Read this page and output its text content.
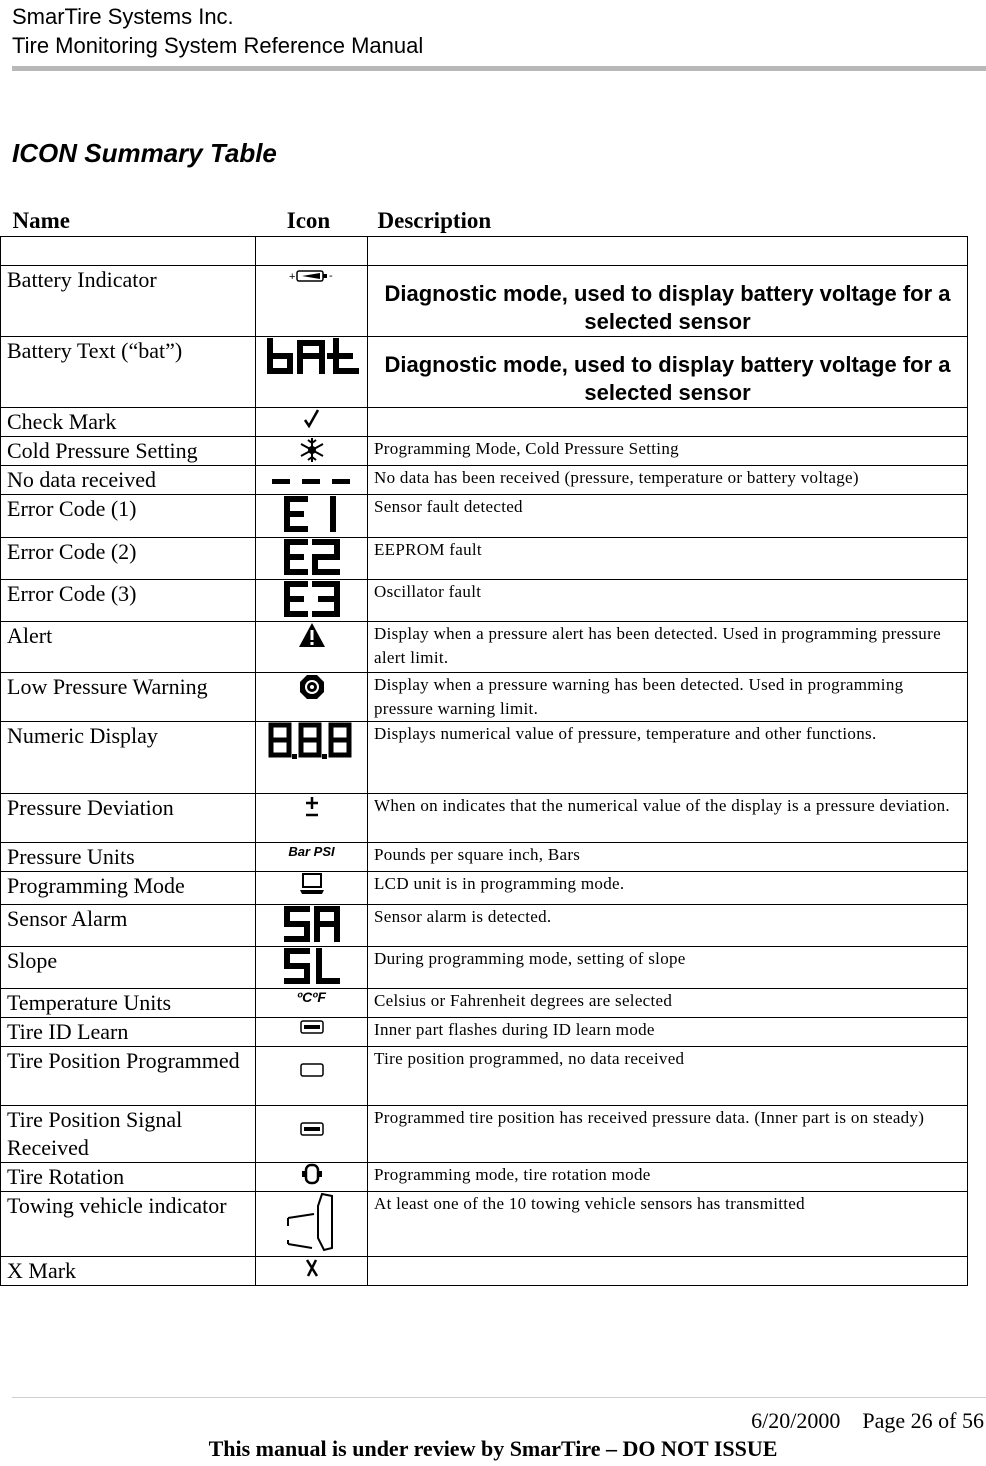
SmarTire Systems Inc.
Tire Monitoring System Reference Manual
ICON Summary Table
Name	Icon	Description

Battery Indicator	+ -	Diagnostic mode, used to display battery voltage for a selected sensor
Battery Text (“bat”)		Diagnostic mode, used to display battery voltage for a selected sensor
Check Mark		
Cold Pressure Setting		Programming Mode, Cold Pressure Setting
No data received		No data has been received (pressure, temperature or battery voltage)
Error Code (1)		Sensor fault detected
Error Code (2)		EEPROM fault
Error Code (3)		Oscillator fault
Alert		Display when a pressure alert has been detected. Used in programming pressure alert limit.
Low Pressure Warning		Display when a pressure warning has been detected. Used in programming pressure warning limit.
Numeric Display		Displays numerical value of pressure, temperature and other functions.
Pressure Deviation		When on indicates that the numerical value of the display is a pressure deviation.
Pressure Units	Bar PSI	Pounds per square inch, Bars
Programming Mode		LCD unit is in programming mode.
Sensor Alarm		Sensor alarm is detected.
Slope		During programming mode, setting of slope
Temperature Units	ºCºF	Celsius or Fahrenheit degrees are selected
Tire ID Learn		Inner part flashes during ID learn mode
Tire Position Programmed		Tire position programmed, no data received
Tire Position Signal Received		Programmed tire position has received pressure data. (Inner part is on steady)
Tire Rotation		Programming mode, tire rotation mode
Towing vehicle indicator		At least one of the 10 towing vehicle sensors has transmitted
X Mark		
6/20/2000 Page 26 of 56
This manual is under review by SmarTire – DO NOT ISSUE
